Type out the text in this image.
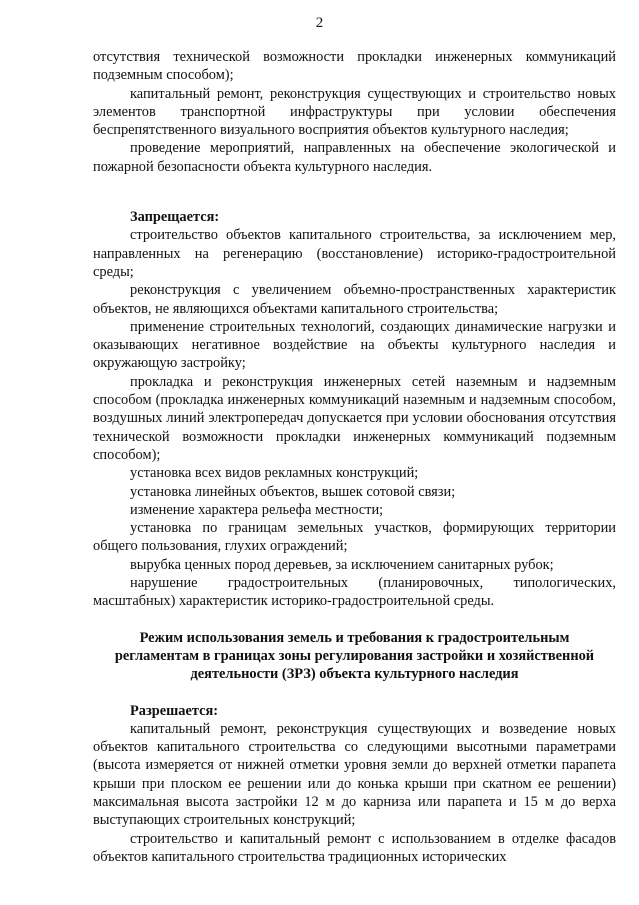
2

отсутствия технической возможности прокладки инженерных коммуникаций подземным способом);

капитальный ремонт, реконструкция существующих и строительство новых элементов транспортной инфраструктуры при условии обеспечения беспрепятственного визуального восприятия объектов культурного наследия;

проведение мероприятий, направленных на обеспечение экологической и пожарной безопасности объекта культурного наследия.

Запрещается:

строительство объектов капитального строительства, за исключением мер, направленных на регенерацию (восстановление) историко-градостроительной среды;

реконструкция с увеличением объемно-пространственных характеристик объектов, не являющихся объектами капитального строительства;

применение строительных технологий, создающих динамические нагрузки и оказывающих негативное воздействие на объекты культурного наследия и окружающую застройку;

прокладка и реконструкция инженерных сетей наземным и надземным способом (прокладка инженерных коммуникаций наземным и надземным способом, воздушных линий электропередач допускается при условии обоснования отсутствия технической возможности прокладки инженерных коммуникаций подземным способом);

установка всех видов рекламных конструкций;

установка линейных объектов, вышек сотовой связи;

изменение характера рельефа местности;

установка по границам земельных участков, формирующих территории общего пользования, глухих ограждений;

вырубка ценных пород деревьев, за исключением санитарных рубок;

нарушение градостроительных (планировочных, типологических, масштабных) характеристик историко-градостроительной среды.

Режим использования земель и требования к градостроительным регламентам в границах зоны регулирования застройки и хозяйственной деятельности (ЗРЗ) объекта культурного наследия

Разрешается:

капитальный ремонт, реконструкция существующих и возведение новых объектов капитального строительства со следующими высотными параметрами (высота измеряется от нижней отметки уровня земли до верхней отметки парапета крыши при плоском ее решении или до конька крыши при скатном ее решении) максимальная высота застройки 12 м до карниза или парапета и 15 м до верха выступающих строительных конструкций;

строительство и капитальный ремонт с использованием в отделке фасадов объектов капитального строительства традиционных исторических
